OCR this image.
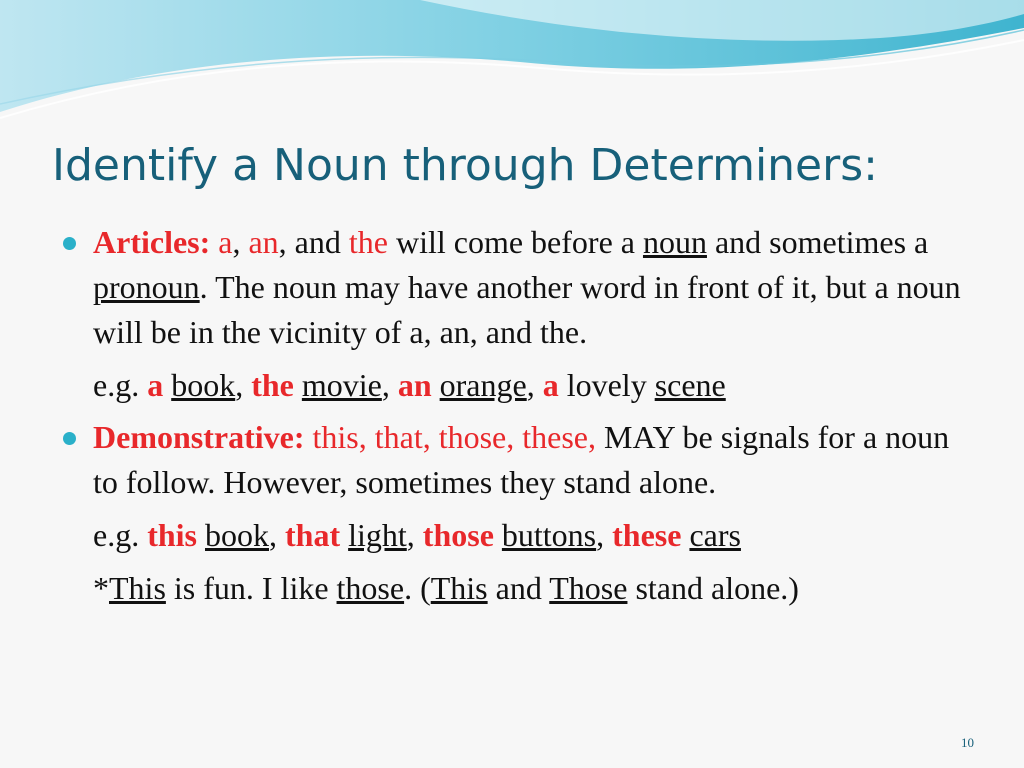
Identify a Noun through Determiners:
Articles: a, an, and the will come before a noun and sometimes a pronoun. The noun may have another word in front of it, but a noun will be in the vicinity of a, an, and the.
e.g. a book, the movie, an orange, a lovely scene
Demonstrative: this, that, those, these, MAY be signals for a noun to follow. However, sometimes they stand alone.
e.g. this book, that light, those buttons, these cars
*This is fun. I like those. (This and Those stand alone.)
10
